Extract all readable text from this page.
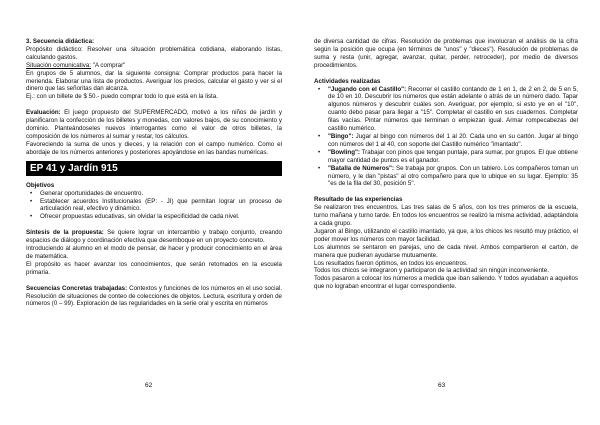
3. Secuencia didáctica:

Propósito didáctico: Resolver una situación problemática cotidiana, elaborando listas, calculando gastos.

Situación comunicativa: "A comprar"

En grupos de 5 alumnos, dar la siguiente consigna: Comprar productos para hacer la merienda. Elaborar una lista de productos. Averiguar los precios, calcular el gasto y ver si el dinero que las señoritas dan alcanza.

Ej.: con un billete de $ 50.- puedo comprar todo lo que está en la lista.

Evaluación: El juego propuesto del SUPERMERCADO, motivó a los niños de jardín y planificaron la confección de los billetes y monedas, con valores bajos, de su conocimiento y dominio. Planteándoseles nuevos interrogantes como el valor de otros billetes, la composición de los números al sumar y restar, los cálculos.

Favoreciendo la suma de unos y dieces, y la relación con el campo numérico. Como el abordaje de los números anteriores y posteriores apoyándose en las bandas numéricas.

EP 41 y Jardín 915

Objetivos

• Generar oportunidades de encuentro.
• Establecer acuerdos Institucionales (EP: - JI) que permitan lograr un proceso de articulación real, efectivo y dinámico.
• Ofrecer propuestas educativas, sin olvidar la especificidad de cada nivel.

Síntesis de la propuesta: Se quiere lograr un intercambio y trabajo conjunto, creando espacios de diálogo y coordinación efectiva que desemboque en un proyecto concreto.

Introduciendo al alumno en el modo de pensar, de hacer y producir conocimiento en el área de matemática.

El propósito es hacer avanzar los conocimientos, que serán retomados en la escuela primaria.

Secuencias Concretas trabajadas: Contextos y funciones de los números en el uso social. Resolución de situaciones de conteo de colecciones de objetos. Lectura, escritura y orden de números (0 – 99). Exploración de las regularidades en la serie oral y escrita en números

62

de diversa cantidad de cifras. Resolución de problemas que involucran el análisis de la cifra según la posición que ocupa (en términos de "unos" y "dieces"). Resolución de problemas de suma y resta (unir, agregar, avanzar, quitar, perder, retroceder), por medio de diversos procedimientos.

Actividades realizadas

• "Jugando con el Castillo": Recorrer el castillo contando de 1 en 1, de 2 en 2, de 5 en 5, de 10 en 10. Descubrir los números que están adelante o atrás de un número dado. Tapar algunos números y descubrir cuáles son. Averiguar, por ejemplo, si esto ye en el "10", cuanto debo pasar para llegar a "15". Completar el castillo en sus cuadernos. Completar filas vacías. Pintar números que terminan o empiezan igual. Armar rompecabezas del castillo numérico.
• "Bingo": Jugar al bingo con números del 1 al 20. Cada uno en su cartón. Jugar al bingo con números del 1 al 40, con soporte del Castillo numérico "imantado".
• "Bowling": Trabajar con pinos que tengan puntaje, para sumar, por grupos. El que obtiene mayor cantidad de puntos es el ganador.
• "Batalla de Números": Se trabaja por grupos. Con un tablero. Los compañeros toman un número, y le dan "pistas" al otro compañero para que lo ubique en su lugar. Ejemplo: 35 "es de la fila del 30, posición 5".

Resultado de las experiencias

Se realizaron tres encuentros. Las tres salas de 5 años, con los tres primeros de la escuela, turno mañana y turno tarde. En todos los encuentros se realizó la misma actividad, adaptándola a cada grupo.

Jugaron al Bingo, utilizando el castillo imantado, ya que, a los chicos les resultó muy práctico, el poder mover los números con mayor facilidad.

Los alumnos se sentaron en parejas, uno de cada nivel. Ambos compartieron el cartón, de manera que pudieran ayudarse mutuamente.

Los resultados fueron óptimos, en todos los encuentros.

Todos los chicos se integraron y participaron de la actividad sin ningún inconveniente.

Todos pasaron a colocar los números a medida que iban saliendo. Y todos ayudaban a aquellos que no lograban encontrar el lugar correspondiente.

63
